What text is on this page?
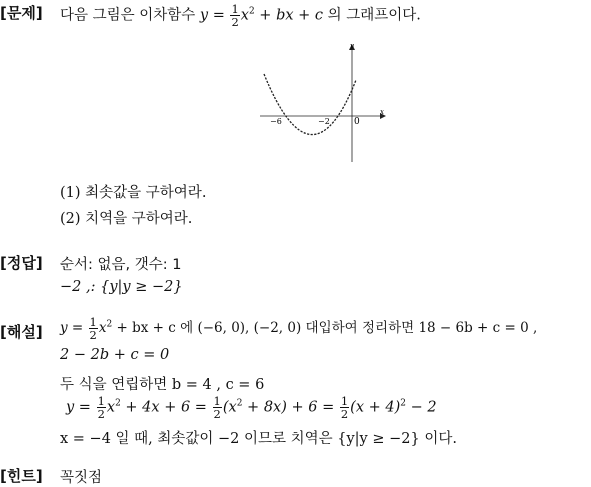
[문제] 다음 그림은 이차함수 $y = \frac{1}{2} x^2$ + bx + c 의 그래프이다.
−6	−2	0
x
y
(1) 최솟값을 구하여라.
(2) 치역을 구하여라.
[정답] 순서: 없음, 갯수: 1
−2 ,: {y|y ≥ −2}
[해설] $y = \frac{1}{2} x^2$ + bx + c 에 (−6, 0), (−2, 0) 대입하여 정리하면 18 − 6b + c = 0 ,
2 − 2b + c = 0
두 식을 연립하면 b = 4 , c = 6
$y = \frac{1}{2} x^2 + 4x + 6 = \frac{1}{2} (x^2 + 8x) + 6 = \frac{1}{2} (x + 4)^2 - 2$
x = −4 일 때, 최솟값이 −2 이므로 치역은 {y|y ≥ −2} 이다.
[힌트] 꼭짓점
